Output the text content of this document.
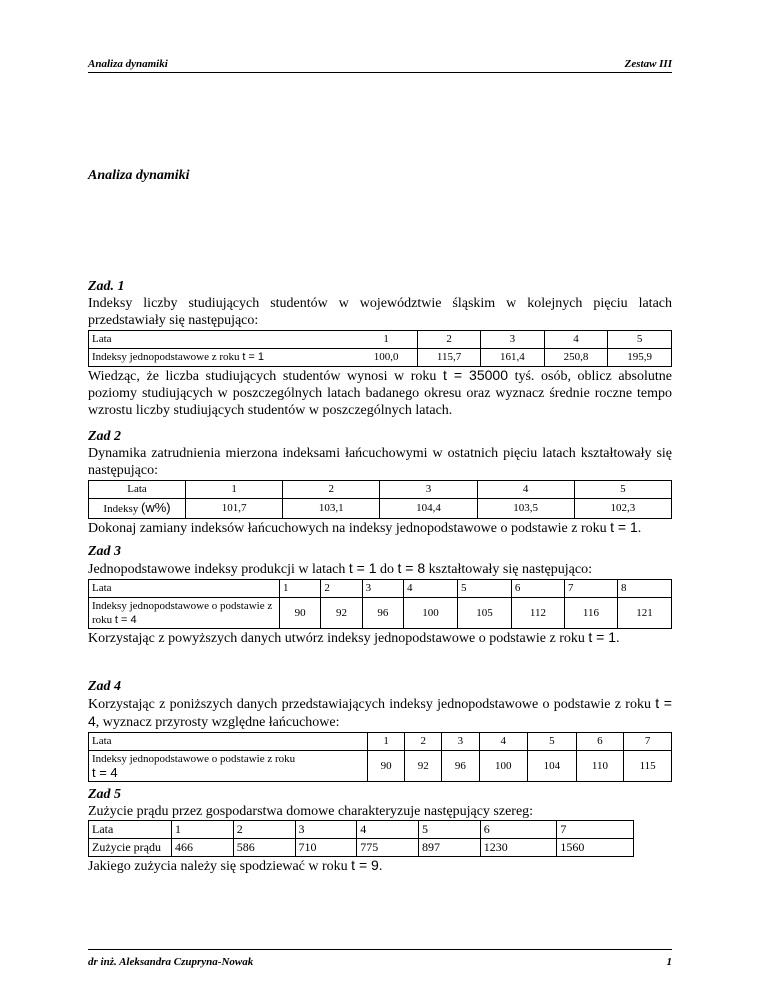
Analiza dynamiki	Zestaw III
Analiza dynamiki
Zad. 1

Indeksy liczby studiujących studentów w województwie śląskim w kolejnych pięciu latach przedstawiały się następująco:

Lata	1	2	3	4	5
Indeksy jednopodstawowe z roku t = 1	100,0	115,7	161,4	250,8	195,9

Wiedząc, że liczba studiujących studentów wynosi w roku t = 35000 tyś. osób, oblicz absolutne poziomy studiujących w poszczególnych latach badanego okresu oraz wyznacz średnie roczne tempo wzrostu liczby studiujących studentów w poszczególnych latach.

Zad 2

Dynamika zatrudnienia mierzona indeksami łańcuchowymi w ostatnich pięciu latach kształtowały się następująco:

Lata	1	2	3	4	5
Indeksy (w%)	101,7	103,1	104,4	103,5	102,3

Dokonaj zamiany indeksów łańcuchowych na indeksy jednopodstawowe o podstawie z roku t = 1.

Zad 3

Jednopodstawowe indeksy produkcji w latach t = 1 do t = 8 kształtowały się następująco:

Lata	1	2	3	4	5	6	7	8
Indeksy jednopodstawowe o podstawie z roku t = 4	90	92	96	100	105	112	116	121

Korzystając z powyższych danych utwórz indeksy jednopodstawowe o podstawie z roku t = 1.

Zad 4

Korzystając z poniższych danych przedstawiających indeksy jednopodstawowe o podstawie z roku t = 4, wyznacz przyrosty względne łańcuchowe:

Lata	1	2	3	4	5	6	7
Indeksy jednopodstawowe o podstawie z roku
t = 4	90	92	96	100	104	110	115
Zad 5

Zużycie prądu przez gospodarstwa domowe charakteryzuje następujący szereg:

Lata	1	2	3	4	5	6	7
Zużycie prądu	466	586	710	775	897	1230	1560

Jakiego zużycia należy się spodziewać w roku t = 9.

dr inż. Aleksandra Czupryna-Nowak	1
